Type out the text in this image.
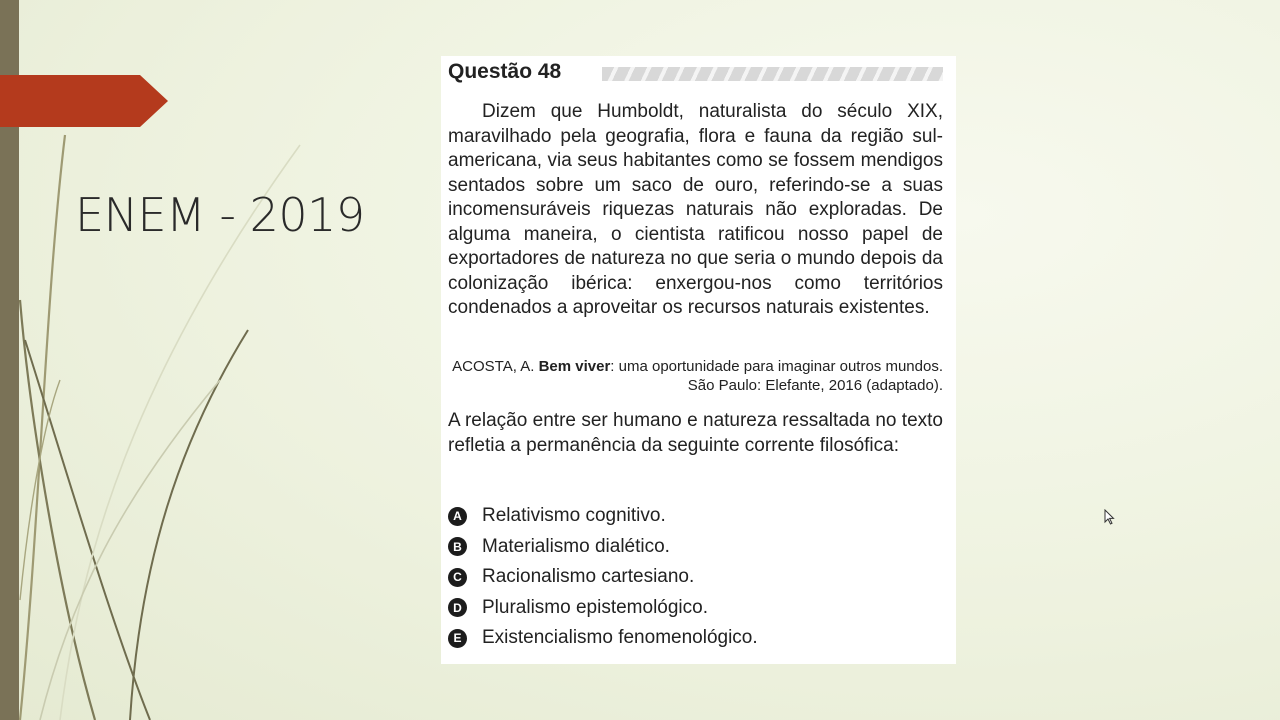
ENEM - 2019
Questão 48

Dizem que Humboldt, naturalista do século XIX, maravilhado pela geografia, flora e fauna da região sul-americana, via seus habitantes como se fossem mendigos sentados sobre um saco de ouro, referindo-se a suas incomensuráveis riquezas naturais não exploradas. De alguma maneira, o cientista ratificou nosso papel de exportadores de natureza no que seria o mundo depois da colonização ibérica: enxergou-nos como territórios condenados a aproveitar os recursos naturais existentes.

ACOSTA, A. Bem viver: uma oportunidade para imaginar outros mundos.
São Paulo: Elefante, 2016 (adaptado).

A relação entre ser humano e natureza ressaltada no texto refletia a permanência da seguinte corrente filosófica:

A Relativismo cognitivo.
B Materialismo dialético.
C Racionalismo cartesiano.
D Pluralismo epistemológico.
E Existencialismo fenomenológico.
